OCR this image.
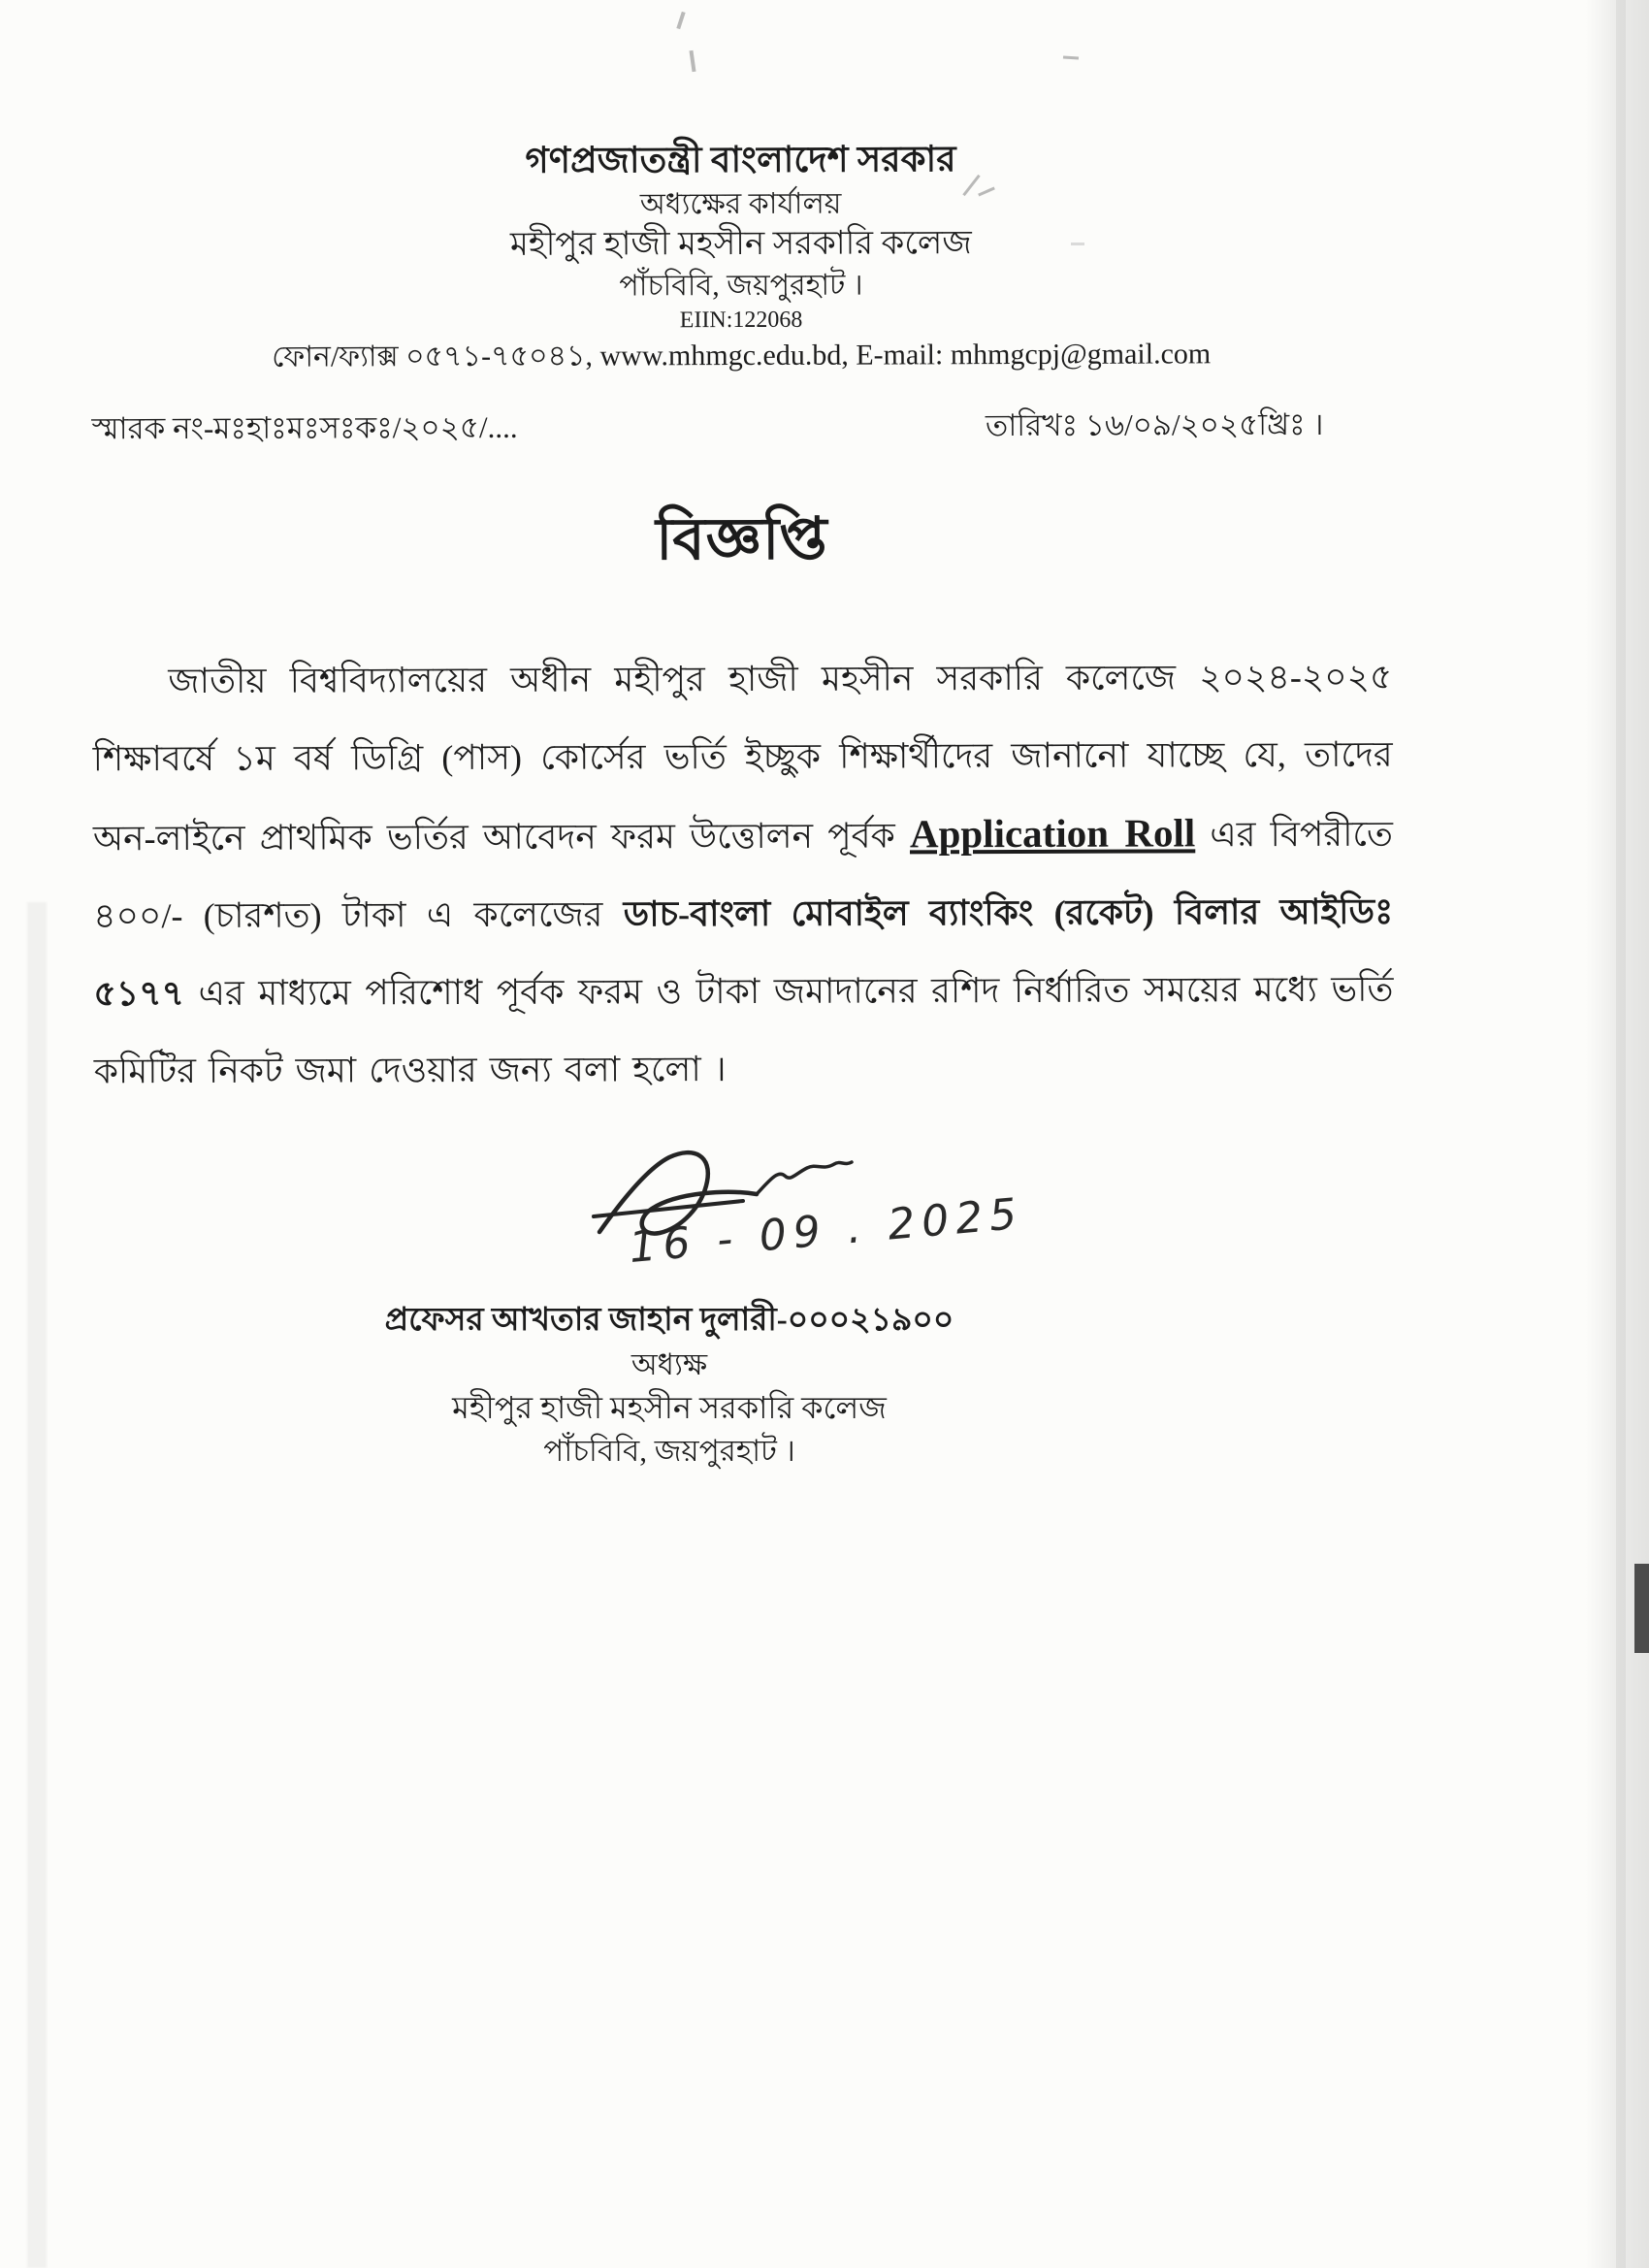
গণপ্রজাতন্ত্রী বাংলাদেশ সরকার
অধ্যক্ষের কার্যালয়
মহীপুর হাজী মহসীন সরকারি কলেজ
পাঁচবিবি, জয়পুরহাট ।
EIIN:122068
ফোন/ফ্যাক্স ০৫৭১-৭৫০৪১, www.mhmgc.edu.bd, E-mail: mhmgcpj@gmail.com
স্মারক নং-মঃহাঃমঃসঃকঃ/২০২৫/....	তারিখঃ ১৬/০৯/২০২৫খ্রিঃ ।
বিজ্ঞপ্তি

জাতীয় বিশ্ববিদ্যালয়ের অধীন মহীপুর হাজী মহসীন সরকারি কলেজে ২০২৪-২০২৫ শিক্ষাবর্ষে ১ম বর্ষ ডিগ্রি (পাস) কোর্সের ভর্তি ইচ্ছুক শিক্ষার্থীদের জানানো যাচ্ছে যে, তাদের অন-লাইনে প্রাথমিক ভর্তির আবেদন ফরম উত্তোলন পূর্বক Application Roll এর বিপরীতে ৪০০/- (চারশত) টাকা এ কলেজের ডাচ-বাংলা মোবাইল ব্যাংকিং (রকেট) বিলার আইডিঃ ৫১৭৭ এর মাধ্যমে পরিশোধ পূর্বক ফরম ও টাকা জমাদানের রশিদ নির্ধারিত সময়ের মধ্যে ভর্তি কমিটির নিকট জমা দেওয়ার জন্য বলা হলো ।

16 - 09 . 2025
প্রফেসর আখতার জাহান দুলারী-০০০২১৯০০
অধ্যক্ষ
মহীপুর হাজী মহসীন সরকারি কলেজ
পাঁচবিবি, জয়পুরহাট ।
